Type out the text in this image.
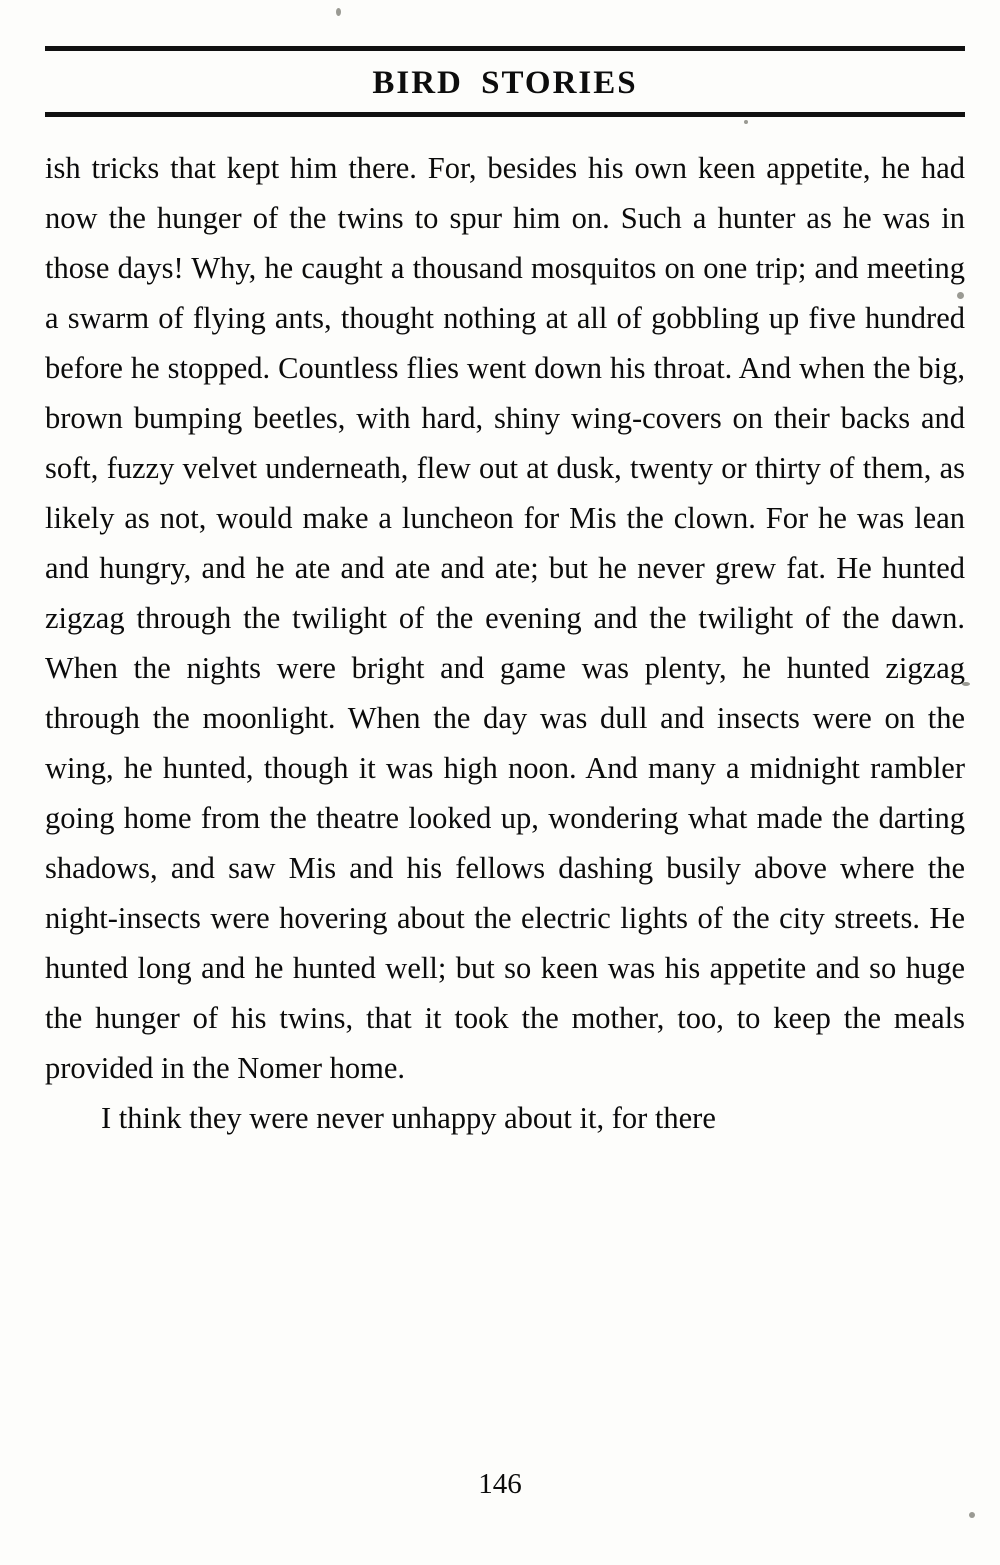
BIRD STORIES

ish tricks that kept him there. For, besides his own keen appetite, he had now the hunger of the twins to spur him on. Such a hunter as he was in those days! Why, he caught a thousand mosquitos on one trip; and meeting a swarm of flying ants, thought nothing at all of gobbling up five hundred before he stopped. Countless flies went down his throat. And when the big, brown bumping beetles, with hard, shiny wing-covers on their backs and soft, fuzzy velvet underneath, flew out at dusk, twenty or thirty of them, as likely as not, would make a luncheon for Mis the clown. For he was lean and hungry, and he ate and ate and ate; but he never grew fat. He hunted zigzag through the twilight of the evening and the twilight of the dawn. When the nights were bright and game was plenty, he hunted zigzag through the moonlight. When the day was dull and insects were on the wing, he hunted, though it was high noon. And many a midnight rambler going home from the theatre looked up, wondering what made the darting shadows, and saw Mis and his fellows dashing busily above where the night-insects were hovering about the electric lights of the city streets. He hunted long and he hunted well; but so keen was his appetite and so huge the hunger of his twins, that it took the mother, too, to keep the meals provided in the Nomer home.

I think they were never unhappy about it, for there

146
